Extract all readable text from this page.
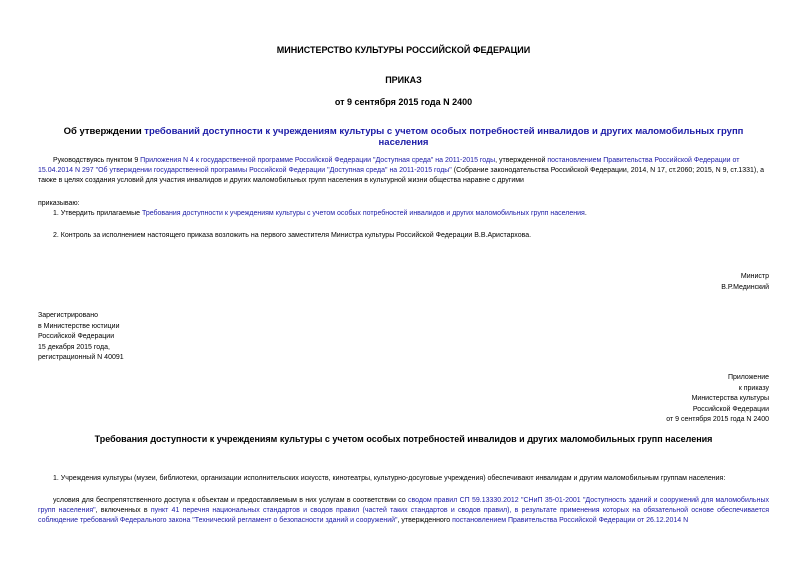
МИНИСТЕРСТВО КУЛЬТУРЫ РОССИЙСКОЙ ФЕДЕРАЦИИ
ПРИКАЗ
от 9 сентября 2015 года N 2400
Об утверждении требований доступности к учреждениям культуры с учетом особых потребностей инвалидов и других маломобильных групп населения
Руководствуясь пунктом 9 Приложения N 4 к государственной программе Российской Федерации "Доступная среда" на 2011-2015 годы, утвержденной постановлением Правительства Российской Федерации от 15.04.2014 N 297 "Об утверждении государственной программы Российской Федерации "Доступная среда" на 2011-2015 годы" (Собрание законодательства Российской Федерации, 2014, N 17, ст.2060; 2015, N 9, ст.1331), а также в целях создания условий для участия инвалидов и других маломобильных групп населения в культурной жизни общества наравне с другими
приказываю:
1. Утвердить прилагаемые Требования доступности к учреждениям культуры с учетом особых потребностей инвалидов и других маломобильных групп населения.
2. Контроль за исполнением настоящего приказа возложить на первого заместителя Министра культуры Российской Федерации В.В.Аристархова.
Министр
В.Р.Мединский
Зарегистрировано
в Министерстве юстиции
Российской Федерации
15 декабря 2015 года,
регистрационный N 40091
Приложение
к приказу
Министерства культуры
Российской Федерации
от 9 сентября 2015 года N 2400
Требования доступности к учреждениям культуры с учетом особых потребностей инвалидов и других маломобильных групп населения
1. Учреждения культуры (музеи, библиотеки, организации исполнительских искусств, кинотеатры, культурно-досуговые учреждения) обеспечивают инвалидам и другим маломобильным группам населения:
условия для беспрепятственного доступа к объектам и предоставляемым в них услугам в соответствии со сводом правил СП 59.13330.2012 "СНиП 35-01-2001 "Доступность зданий и сооружений для маломобильных групп населения", включенных в пункт 41 перечня национальных стандартов и сводов правил (частей таких стандартов и сводов правил), в результате применения которых на обязательной основе обеспечивается соблюдение требований Федерального закона "Технический регламент о безопасности зданий и сооружений", утвержденного постановлением Правительства Российской Федерации от 26.12.2014 N
